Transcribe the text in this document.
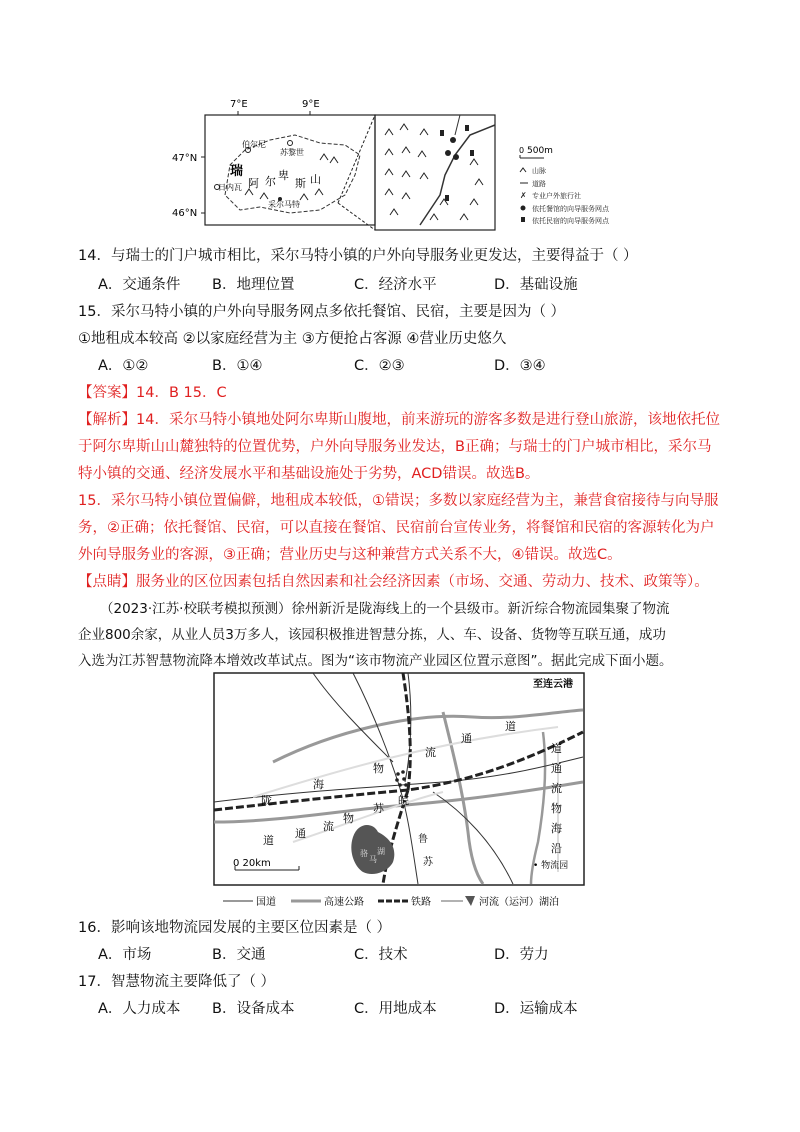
7°E	9°E
47°N
46°N
伯尔尼
苏黎世
日内瓦
采尔马特
瑞
阿 尔 卑
斯 山
0 500m
山脉
道路
✗ 专业户外旅行社
依托餐馆的向导服务网点
依托民宿的向导服务网点
14．与瑞士的门户城市相比，采尔马特小镇的户外向导服务业更发达，主要得益于（ ）
A．交通条件 B．地理位置	C．经济水平	D．基础设施
15．采尔马特小镇的户外向导服务网点多依托餐馆、民宿，主要是因为（ ）
①地租成本较高 ②以家庭经营为主 ③方便抢占客源 ④营业历史悠久
A．①②	B．①④	C．②③	D．③④
【答案】14．B 15．C
【解析】14．采尔马特小镇地处阿尔卑斯山腹地，前来游玩的游客多数是进行登山旅游，该地依托位
于阿尔卑斯山山麓独特的位置优势，户外向导服务业发达，B正确；与瑞士的门户城市相比，采尔马
特小镇的交通、经济发展水平和基础设施处于劣势，ACD错误。故选B。
15．采尔马特小镇位置偏僻，地租成本较低，①错误；多数以家庭经营为主，兼营食宿接待与向导服
务，②正确；依托餐馆、民宿，可以直接在餐馆、民宿前台宣传业务，将餐馆和民宿的客源转化为户
外向导服务业的客源，③正确；营业历史与这种兼营方式关系不大，④错误。故选C。
【点睛】服务业的区位因素包括自然因素和社会经济因素（市场、交通、劳动力、技术、政策等）。
（2023·江苏·校联考模拟预测）徐州新沂是陇海线上的一个县级市。新沂综合物流园集聚了物流
企业800余家，从业人员3万多人，该园积极推进智慧分拣，人、车、设备、货物等互联互通，成功
入选为江苏智慧物流降本增效改革试点。图为“该市物流产业园区位置示意图”。据此完成下面小题。
骆
马
湖
道
通
流
陇
海
物
道
通
流
物
苏
皖
道
通
流
物
海
沿
鲁
苏
至连云港
0 20km	• 物流园
国道	高速公路	铁路	河流（运河）湖泊
16．影响该地物流园发展的主要区位因素是（ ）
A．市场	B．交通	C．技术	D．劳力
17．智慧物流主要降低了（ ）
A．人力成本 B．设备成本	C．用地成本	D．运输成本
